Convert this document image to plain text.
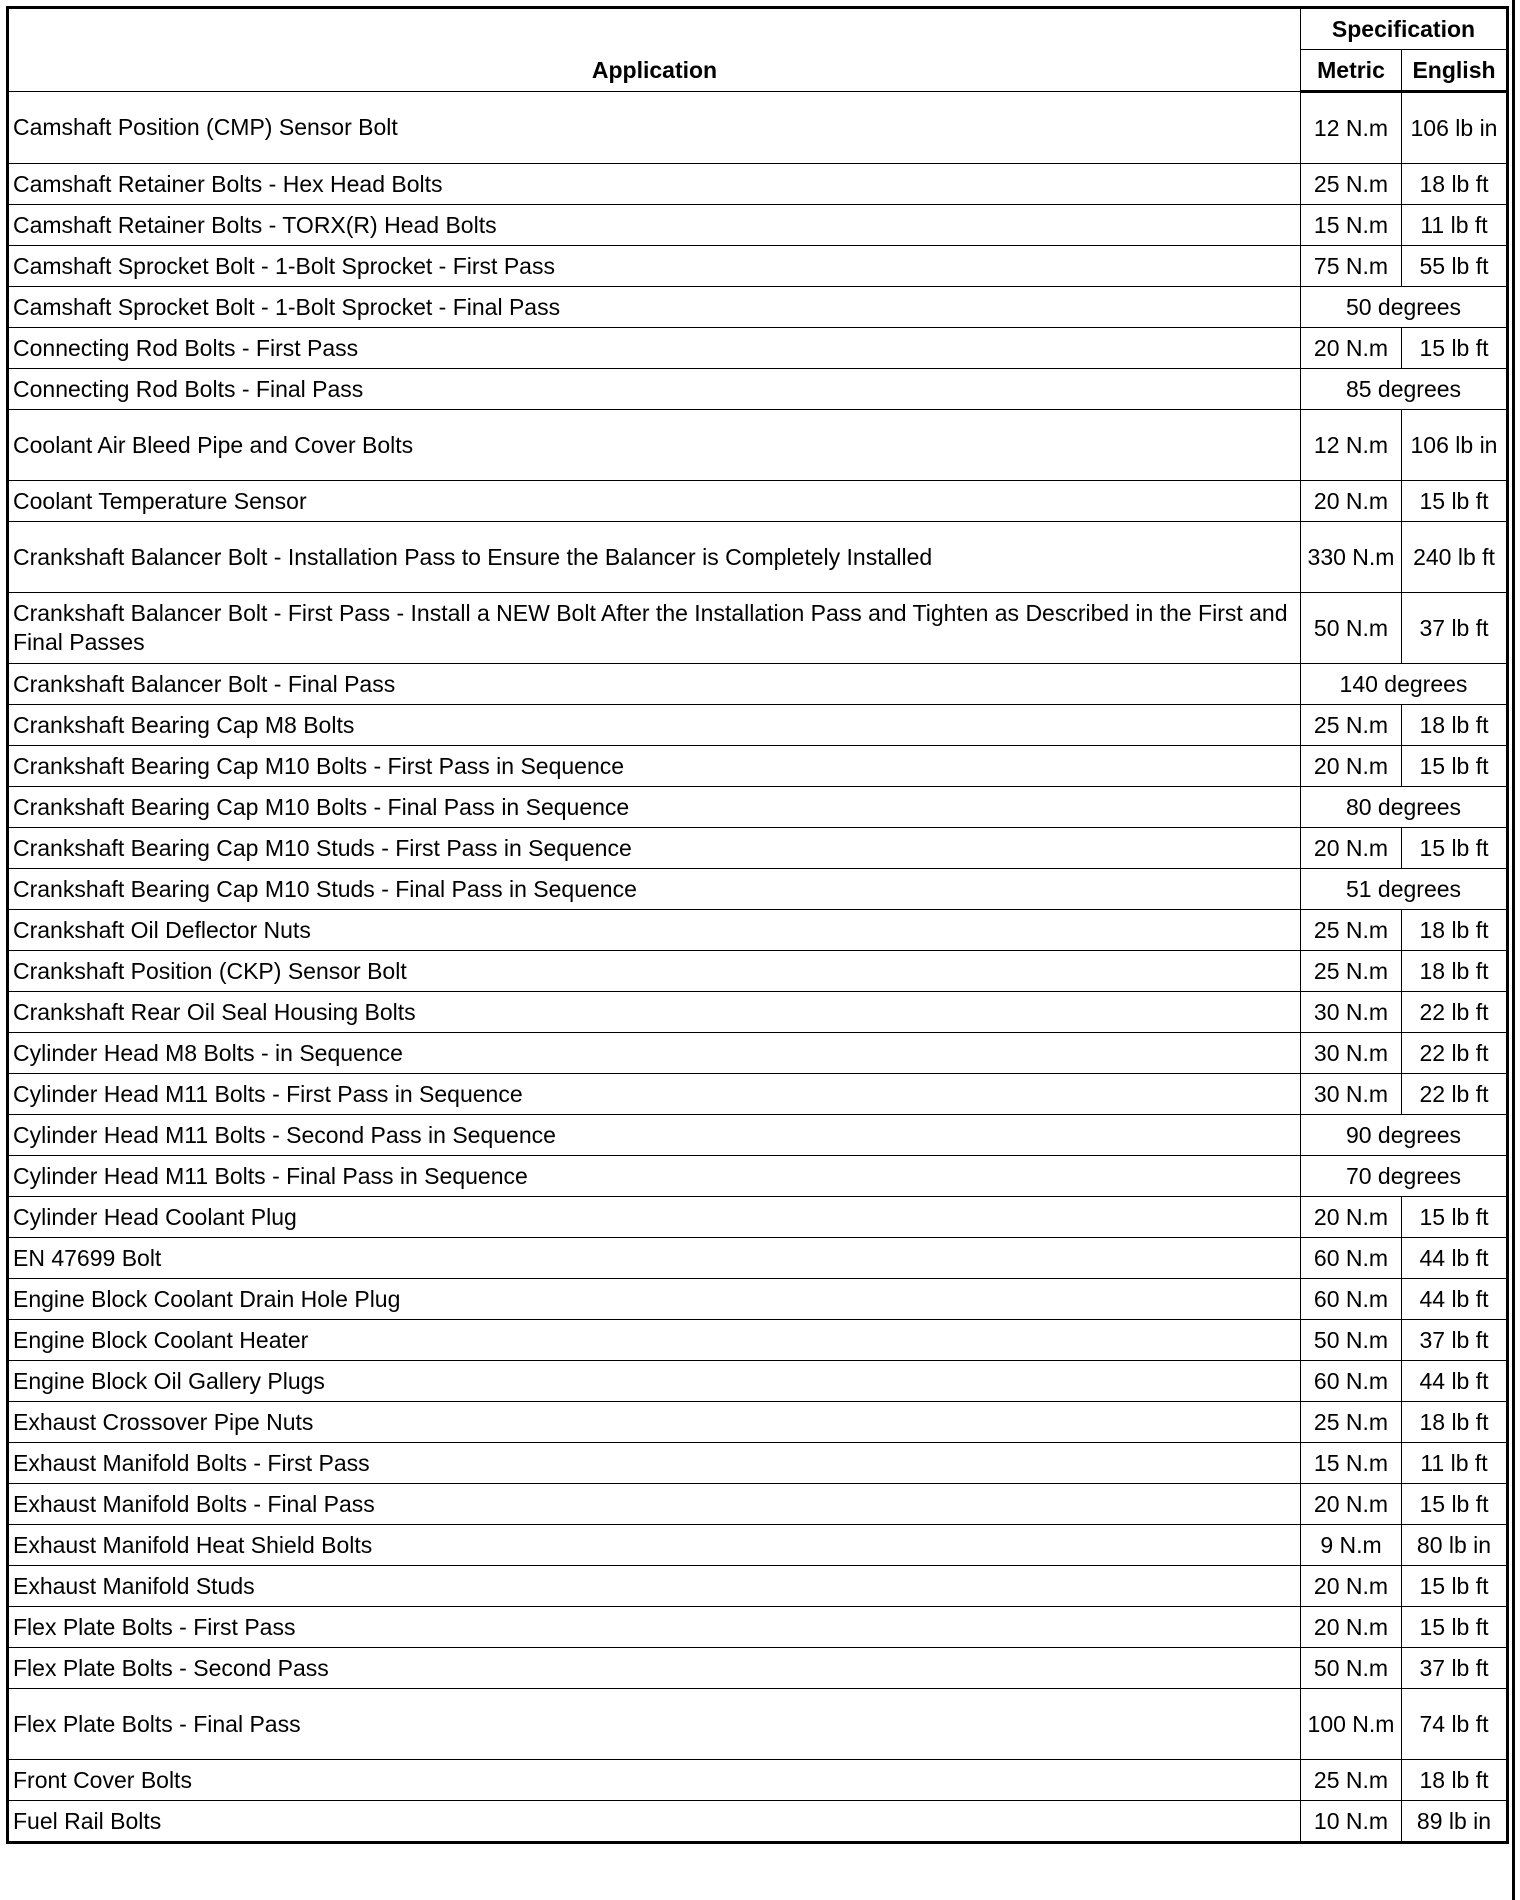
Application	Specification	
	Metric	English
Camshaft Position (CMP) Sensor Bolt	12 N.m	106 lb in
Camshaft Retainer Bolts - Hex Head Bolts	25 N.m	18 lb ft
Camshaft Retainer Bolts - TORX(R) Head Bolts	15 N.m	11 lb ft
Camshaft Sprocket Bolt - 1-Bolt Sprocket - First Pass	75 N.m	55 lb ft
Camshaft Sprocket Bolt - 1-Bolt Sprocket - Final Pass	50 degrees	
Connecting Rod Bolts - First Pass	20 N.m	15 lb ft
Connecting Rod Bolts - Final Pass	85 degrees	
Coolant Air Bleed Pipe and Cover Bolts	12 N.m	106 lb in
Coolant Temperature Sensor	20 N.m	15 lb ft
Crankshaft Balancer Bolt - Installation Pass to Ensure the Balancer is Completely Installed	330 N.m	240 lb ft
Crankshaft Balancer Bolt - First Pass - Install a NEW Bolt After the Installation Pass and Tighten as Described in the First and Final Passes	50 N.m	37 lb ft
Crankshaft Balancer Bolt - Final Pass	140 degrees	
Crankshaft Bearing Cap M8 Bolts	25 N.m	18 lb ft
Crankshaft Bearing Cap M10 Bolts - First Pass in Sequence	20 N.m	15 lb ft
Crankshaft Bearing Cap M10 Bolts - Final Pass in Sequence	80 degrees	
Crankshaft Bearing Cap M10 Studs - First Pass in Sequence	20 N.m	15 lb ft
Crankshaft Bearing Cap M10 Studs - Final Pass in Sequence	51 degrees	
Crankshaft Oil Deflector Nuts	25 N.m	18 lb ft
Crankshaft Position (CKP) Sensor Bolt	25 N.m	18 lb ft
Crankshaft Rear Oil Seal Housing Bolts	30 N.m	22 lb ft
Cylinder Head M8 Bolts - in Sequence	30 N.m	22 lb ft
Cylinder Head M11 Bolts - First Pass in Sequence	30 N.m	22 lb ft
Cylinder Head M11 Bolts - Second Pass in Sequence	90 degrees	
Cylinder Head M11 Bolts - Final Pass in Sequence	70 degrees	
Cylinder Head Coolant Plug	20 N.m	15 lb ft
EN 47699 Bolt	60 N.m	44 lb ft
Engine Block Coolant Drain Hole Plug	60 N.m	44 lb ft
Engine Block Coolant Heater	50 N.m	37 lb ft
Engine Block Oil Gallery Plugs	60 N.m	44 lb ft
Exhaust Crossover Pipe Nuts	25 N.m	18 lb ft
Exhaust Manifold Bolts - First Pass	15 N.m	11 lb ft
Exhaust Manifold Bolts - Final Pass	20 N.m	15 lb ft
Exhaust Manifold Heat Shield Bolts	9 N.m	80 lb in
Exhaust Manifold Studs	20 N.m	15 lb ft
Flex Plate Bolts - First Pass	20 N.m	15 lb ft
Flex Plate Bolts - Second Pass	50 N.m	37 lb ft
Flex Plate Bolts - Final Pass	100 N.m	74 lb ft
Front Cover Bolts	25 N.m	18 lb ft
Fuel Rail Bolts	10 N.m	89 lb in
